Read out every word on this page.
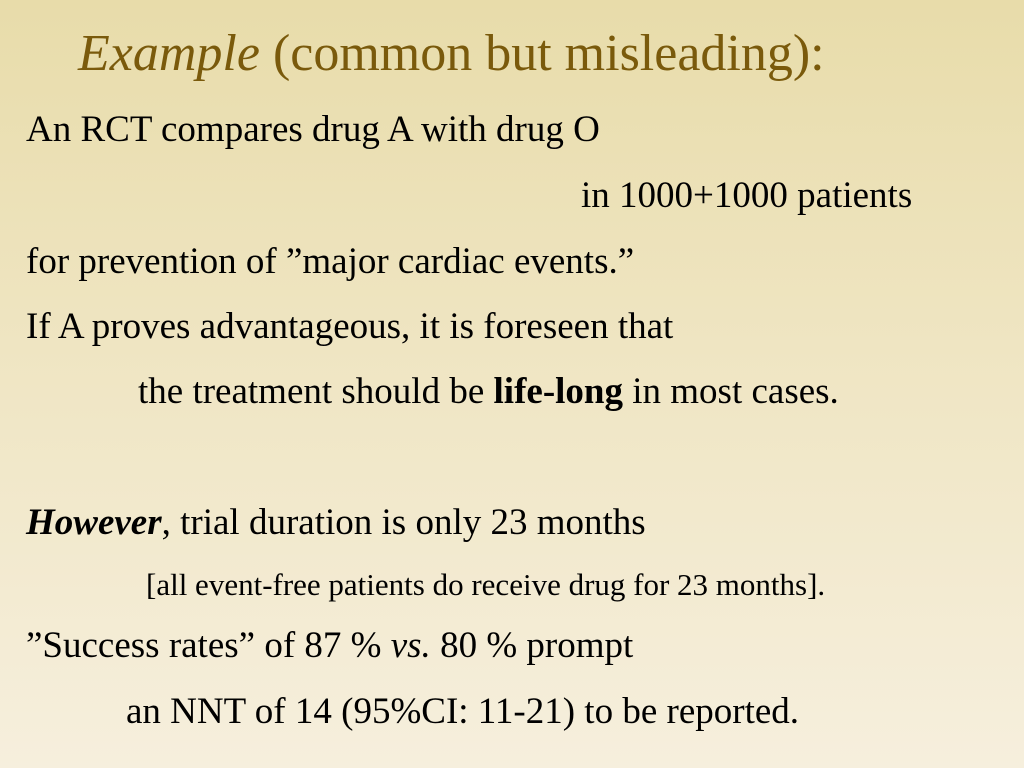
Example (common but misleading):
An RCT compares drug A with drug O
in 1000+1000 patients
for prevention of ”major cardiac events.”
If A proves advantageous, it is foreseen that
the treatment should be life-long in most cases.
However, trial duration is only 23 months
[all event-free patients do receive drug for 23 months].
”Success rates” of 87 % vs. 80 % prompt
an NNT of 14 (95%CI: 11-21) to be reported.
